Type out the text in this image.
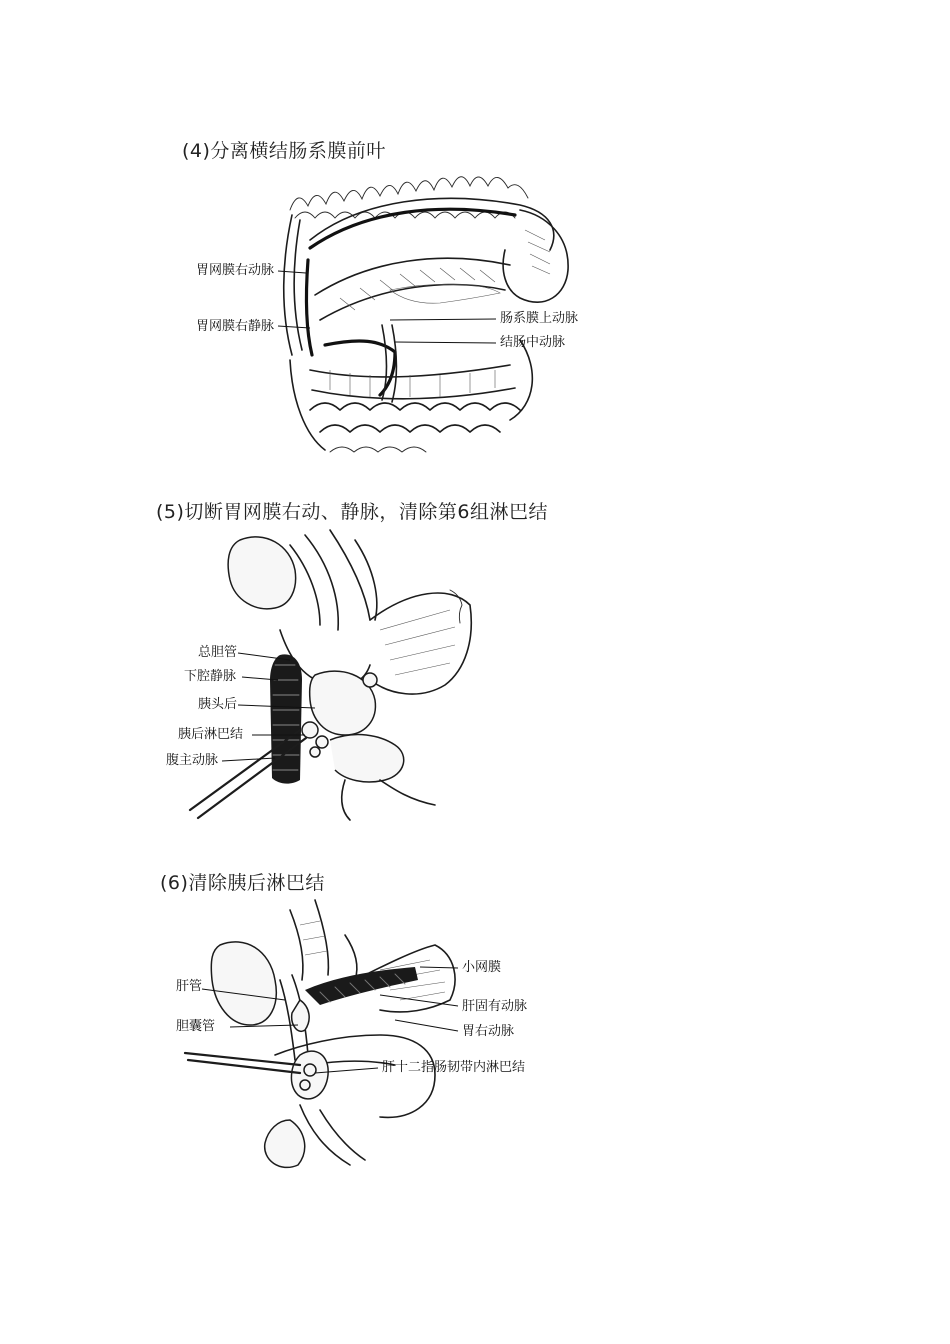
(4)分离横结肠系膜前叶
胃网膜右动脉
胃网膜右静脉
肠系膜上动脉
结肠中动脉
(5)切断胃网膜右动、静脉，清除第6组淋巴结
总胆管
下腔静脉
胰头后
胰后淋巴结
腹主动脉
(6)清除胰后淋巴结
小网膜
肝管
肝固有动脉
胆囊管	胃右动脉
肝十二指肠韧带内淋巴结
